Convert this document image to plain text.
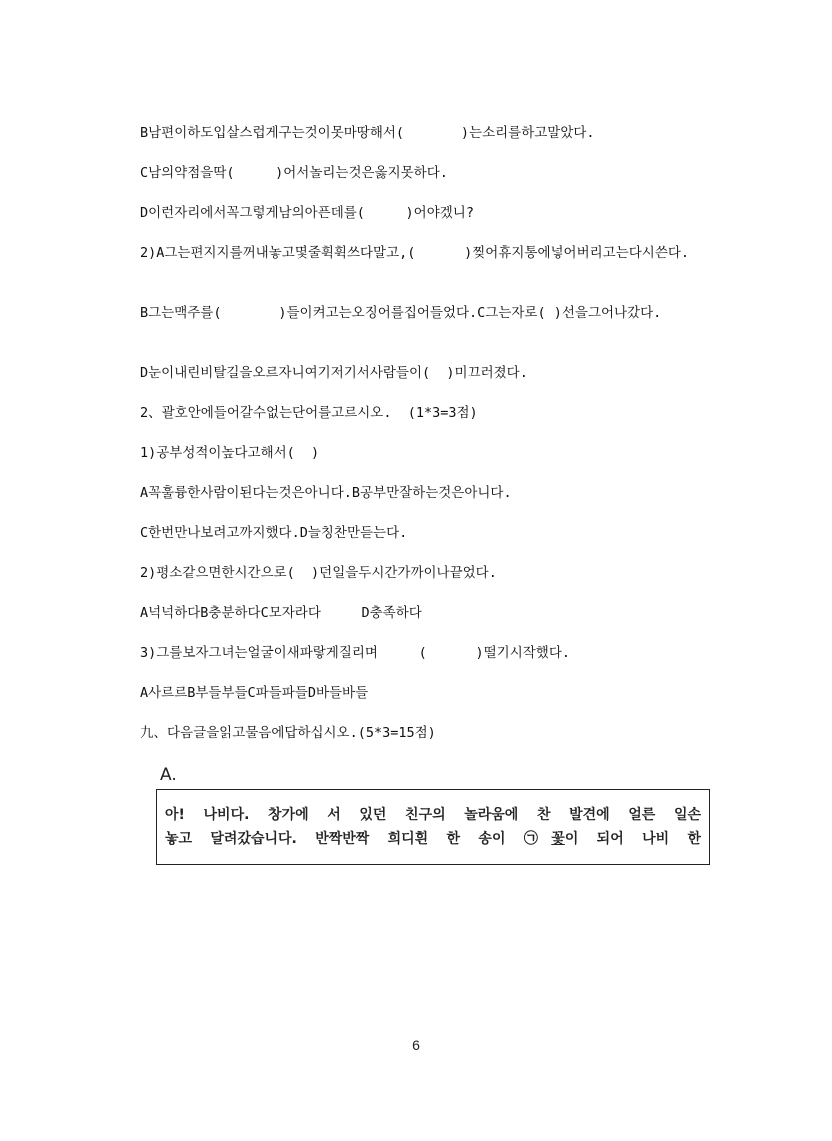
B남편이하도입살스럽게구는것이못마땅해서(       )는소리를하고말았다.
C남의약점을딱(     )어서놀리는것은옳지못하다.
D이런자리에서꼭그렇게남의아픈데를(     )어야겠니?
2)A그는편지지를꺼내놓고몇줄휙휙쓰다말고,(      )찢어휴지통에넣어버리고는다시쓴다.
B그는맥주를(       )들이켜고는오징어를집어들었다.C그는자로( )선을그어나갔다.
D눈이내린비탈길을오르자니여기저기서사람들이(  )미끄러졌다.
2、괄호안에들어갈수없는단어를고르시오.  (1*3=3점)
1)공부성적이높다고해서(  )
A꼭훌륭한사람이된다는것은아니다.B공부만잘하는것은아니다.
C한번만나보려고까지했다.D늘칭찬만듣는다.
2)평소같으면한시간으로(  )던일을두시간가까이나끝었다.
A넉넉하다B충분하다C모자라다     D충족하다
3)그를보자그녀는얼굴이새파랗게질리며     (      )떨기시작했다.
A사르르B부들부들C파들파들D바들바들
九、다음글을읽고물음에답하십시오.(5*3=15점)
A.
아! 나비다. 창가에 서 있던 친구의 놀라움에 찬 발견에 얼른 일손
놓고 달려갔습니다. 반짝반짝 희디흰 한 송이 ㉠꽃이 되어 나비 한
6
